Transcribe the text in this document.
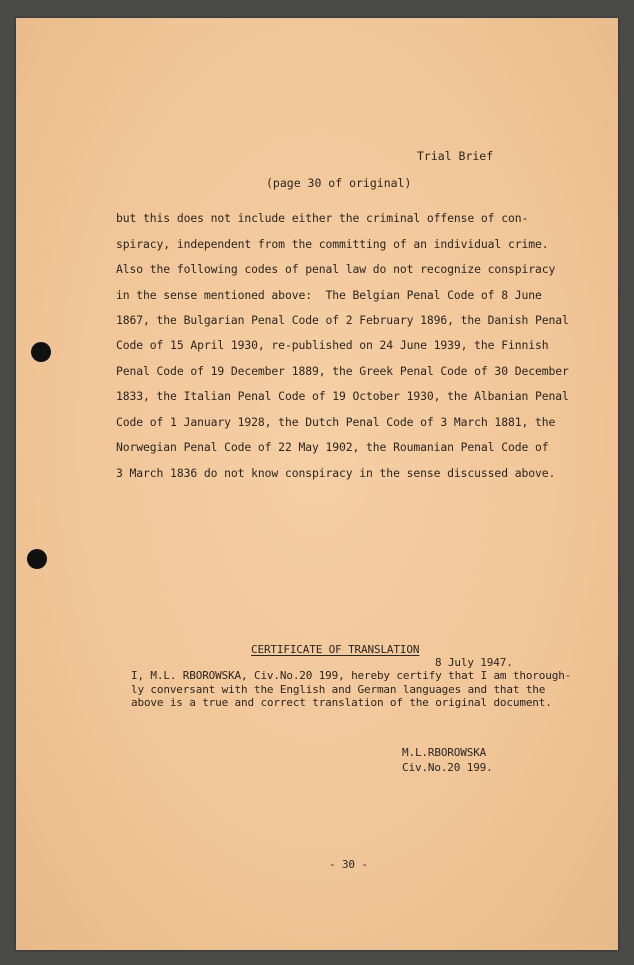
Trial Brief
(page 30 of original)
but this does not include either the criminal offense of con-
spiracy, independent from the committing of an individual crime.
Also the following codes of penal law do not recognize conspiracy
in the sense mentioned above:  The Belgian Penal Code of 8 June
1867, the Bulgarian Penal Code of 2 February 1896, the Danish Penal
Code of 15 April 1930, re-published on 24 June 1939, the Finnish
Penal Code of 19 December 1889, the Greek Penal Code of 30 December
1833, the Italian Penal Code of 19 October 1930, the Albanian Penal
Code of 1 January 1928, the Dutch Penal Code of 3 March 1881, the
Norwegian Penal Code of 22 May 1902, the Roumanian Penal Code of
3 March 1836 do not know conspiracy in the sense discussed above.
CERTIFICATE OF TRANSLATION
8 July 1947.
I, M.L. RBOROWSKA, Civ.No.20 199, hereby certify that I am thorough-
ly conversant with the English and German languages and that the
above is a true and correct translation of the original document.
M.L.RBOROWSKA
Civ.No.20 199.
- 30 -
